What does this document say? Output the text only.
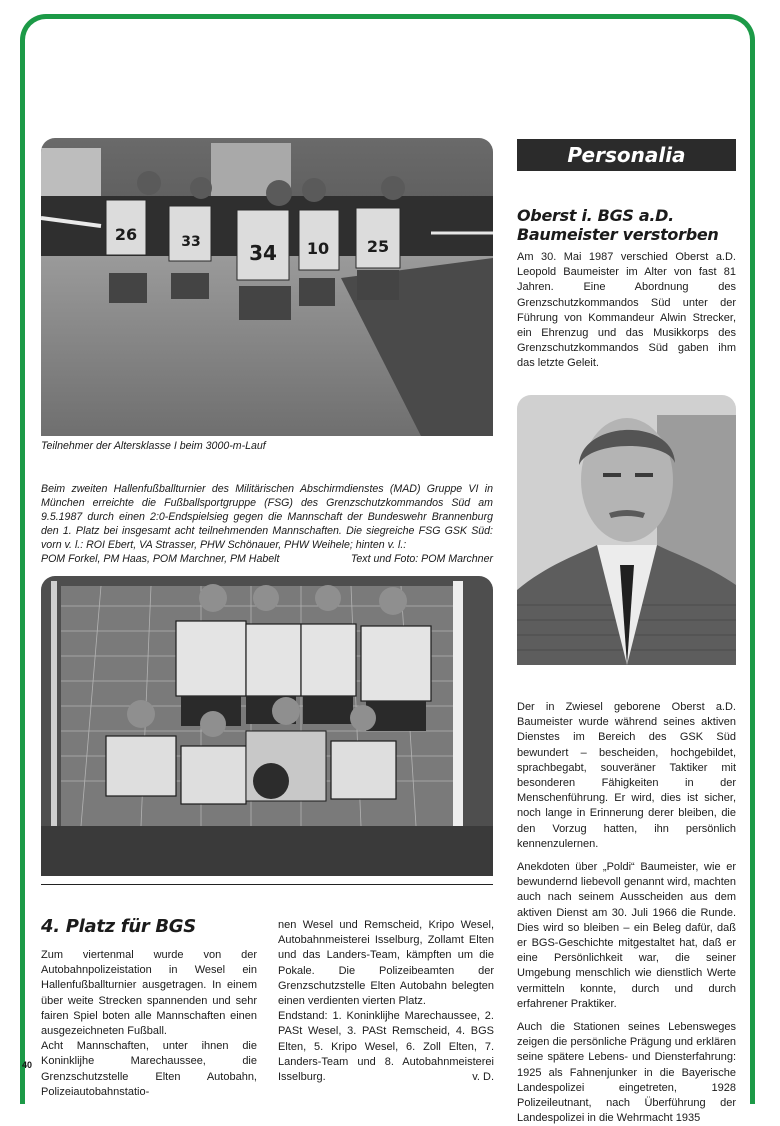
26	33 34 10 25
Teilnehmer der Altersklasse I beim 3000-m-Lauf
Beim zweiten Hallenfußballturnier des Militärischen Abschirmdienstes (MAD) Gruppe VI in München erreichte die Fußballsportgruppe (FSG) des Grenzschutzkommandos Süd am 9.5.1987 durch einen 2:0-Endspielsieg gegen die Mannschaft der Bundeswehr Brannenburg den 1. Platz bei insgesamt acht teilnehmenden Mannschaften. Die siegreiche FSG GSK Süd: vorn v. l.: ROI Ebert, VA Strasser, PHW Schönauer, PHW Weihele; hinten v. l.:
POM Forkel, PM Haas, POM Marchner, PM Habelt	Text und Foto: POM Marchner
4. Platz für BGS

Zum viertenmal wurde von der Autobahnpolizeistation in Wesel ein Hallenfußballturnier ausgetragen. In einem über weite Strecken spannenden und sehr fairen Spiel boten alle Mannschaften einen ausgezeichneten Fußball.

Acht Mannschaften, unter ihnen die Koninklijhe Marechaussee, die Grenzschutzstelle Elten Autobahn, Polizeiautobahnstatio-

nen Wesel und Remscheid, Kripo Wesel, Autobahnmeisterei Isselburg, Zollamt Elten und das Landers-Team, kämpften um die Pokale. Die Polizeibeamten der Grenzschutzstelle Elten Autobahn belegten einen verdienten vierten Platz.

Endstand: 1. Koninklijhe Marechaussee, 2. PASt Wesel, 3. PASt Remscheid, 4. BGS Elten, 5. Kripo Wesel, 6. Zoll Elten, 7. Landers-Team und 8. Autobahnmeisterei Isselburg.	v. D.
40
Personalia
Oberst i. BGS a.D. Baumeister verstorben

Am 30. Mai 1987 verschied Oberst a.D. Leopold Baumeister im Alter von fast 81 Jahren. Eine Abordnung des Grenzschutzkommandos Süd unter der Führung von Kommandeur Alwin Strecker, ein Ehrenzug und das Musikkorps des Grenzschutzkommandos Süd gaben ihm das letzte Geleit.

Der in Zwiesel geborene Oberst a.D. Baumeister wurde während seines aktiven Dienstes im Bereich des GSK Süd bewundert – bescheiden, hochgebildet, sprachbegabt, souveräner Taktiker mit besonderen Fähigkeiten in der Menschenführung. Er wird, dies ist sicher, noch lange in Erinnerung derer bleiben, die den Vorzug hatten, ihn persönlich kennenzulernen.

Anekdoten über „Poldi“ Baumeister, wie er bewundernd liebevoll genannt wird, machten auch nach seinem Ausscheiden aus dem aktiven Dienst am 30. Juli 1966 die Runde. Dies wird so bleiben – ein Beleg dafür, daß er BGS-Geschichte mitgestaltet hat, daß er eine Persönlichkeit war, die seiner Umgebung menschlich wie dienstlich Werte vermitteln konnte, durch und durch erfahrener Praktiker.

Auch die Stationen seines Lebensweges zeigen die persönliche Prägung und erklären seine spätere Lebens- und Diensterfahrung: 1925 als Fahnenjunker in die Bayerische Landespolizei eingetreten, 1928 Polizeileutnant, nach Überführung der Landespolizei in die Wehrmacht 1935
